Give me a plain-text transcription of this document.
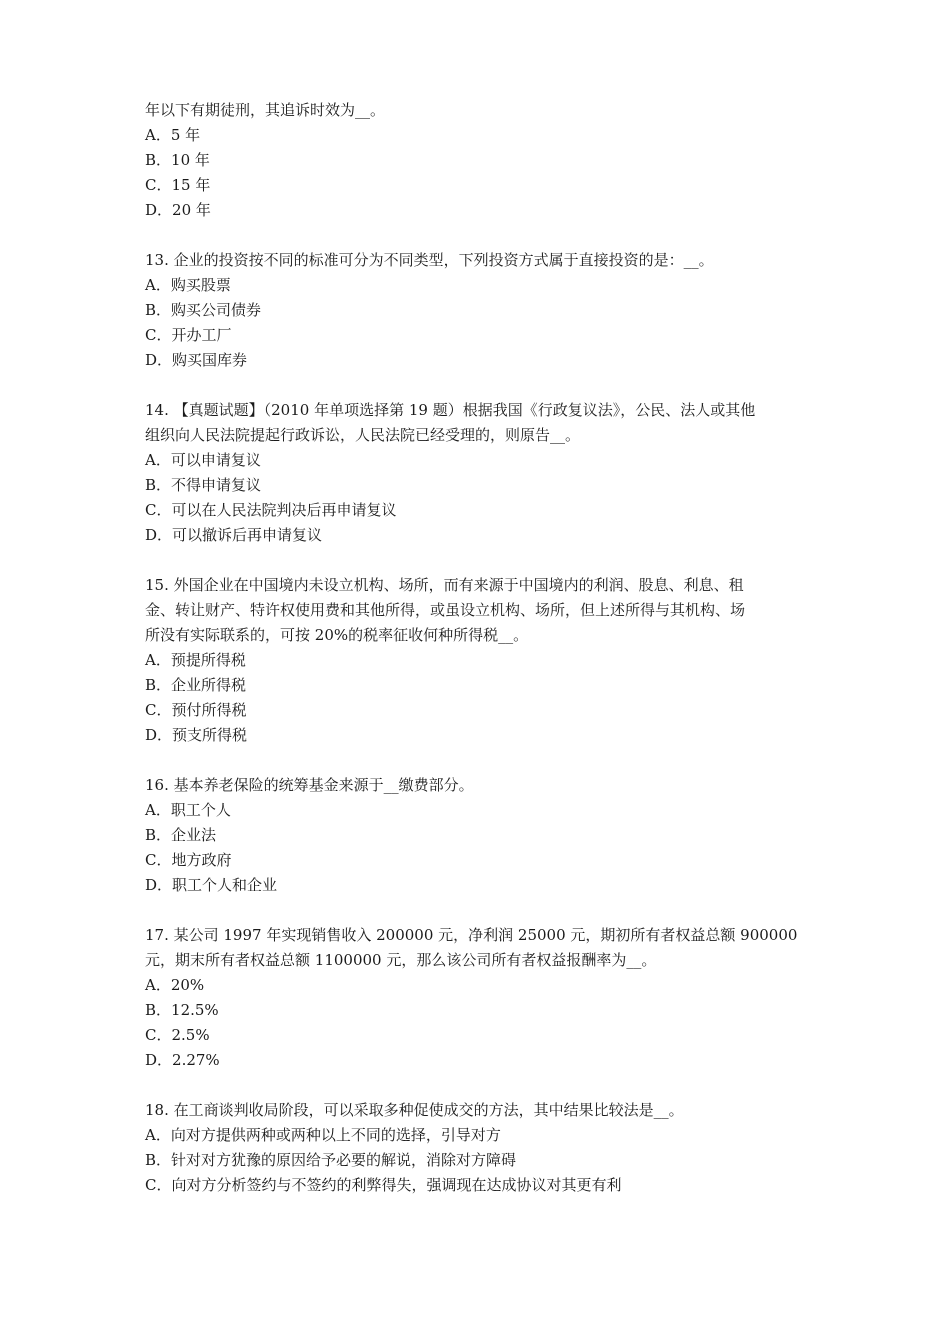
年以下有期徒刑，其追诉时效为__。
A．5 年
B．10 年
C．15 年
D．20 年
13. 企业的投资按不同的标准可分为不同类型，下列投资方式属于直接投资的是：__。
A．购买股票
B．购买公司债券
C．开办工厂
D．购买国库券
14. 【真题试题】（2010 年单项选择第 19 题）根据我国《行政复议法》，公民、法人或其他
组织向人民法院提起行政诉讼，人民法院已经受理的，则原告__。
A．可以申请复议
B．不得申请复议
C．可以在人民法院判决后再申请复议
D．可以撤诉后再申请复议
15. 外国企业在中国境内未设立机构、场所，而有来源于中国境内的利润、股息、利息、租
金、转让财产、特许权使用费和其他所得，或虽设立机构、场所，但上述所得与其机构、场
所没有实际联系的，可按 20%的税率征收何种所得税__。
A．预提所得税
B．企业所得税
C．预付所得税
D．预支所得税
16. 基本养老保险的统筹基金来源于__缴费部分。
A．职工个人
B．企业法
C．地方政府
D．职工个人和企业
17. 某公司 1997 年实现销售收入 200000 元，净利润 25000 元，期初所有者权益总额 900000
元，期末所有者权益总额 1100000 元，那么该公司所有者权益报酬率为__。
A．20%
B．12.5%
C．2.5%
D．2.27%
18. 在工商谈判收局阶段，可以采取多种促使成交的方法，其中结果比较法是__。
A．向对方提供两种或两种以上不同的选择，引导对方
B．针对对方犹豫的原因给予必要的解说，消除对方障碍
C．向对方分析签约与不签约的利弊得失，强调现在达成协议对其更有利
